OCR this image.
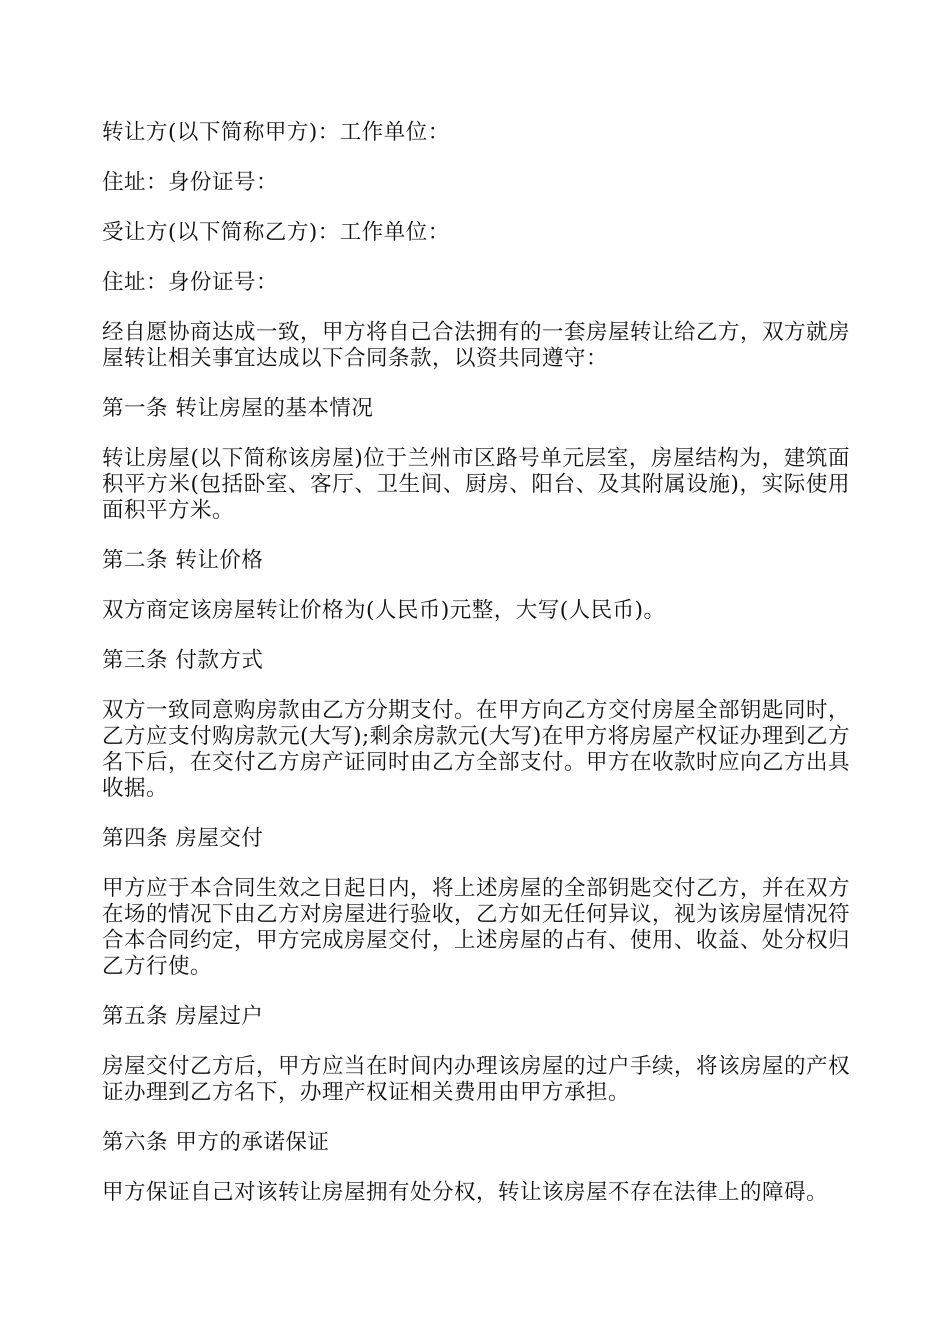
转让方(以下简称甲方)：工作单位：

住址：身份证号：

受让方(以下简称乙方)：工作单位：

住址：身份证号：

经自愿协商达成一致，甲方将自己合法拥有的一套房屋转让给乙方，双方就房屋转让相关事宜达成以下合同条款，以资共同遵守：

第一条 转让房屋的基本情况

转让房屋(以下简称该房屋)位于兰州市区路号单元层室，房屋结构为，建筑面积平方米(包括卧室、客厅、卫生间、厨房、阳台、及其附属设施)，实际使用面积平方米。

第二条 转让价格

双方商定该房屋转让价格为(人民币)元整，大写(人民币)。

第三条 付款方式

双方一致同意购房款由乙方分期支付。在甲方向乙方交付房屋全部钥匙同时，乙方应支付购房款元(大写);剩余房款元(大写)在甲方将房屋产权证办理到乙方名下后，在交付乙方房产证同时由乙方全部支付。甲方在收款时应向乙方出具收据。

第四条 房屋交付

甲方应于本合同生效之日起日内，将上述房屋的全部钥匙交付乙方，并在双方在场的情况下由乙方对房屋进行验收，乙方如无任何异议，视为该房屋情况符合本合同约定，甲方完成房屋交付，上述房屋的占有、使用、收益、处分权归乙方行使。

第五条 房屋过户

房屋交付乙方后，甲方应当在时间内办理该房屋的过户手续，将该房屋的产权证办理到乙方名下，办理产权证相关费用由甲方承担。

第六条 甲方的承诺保证

甲方保证自己对该转让房屋拥有处分权，转让该房屋不存在法律上的障碍。
